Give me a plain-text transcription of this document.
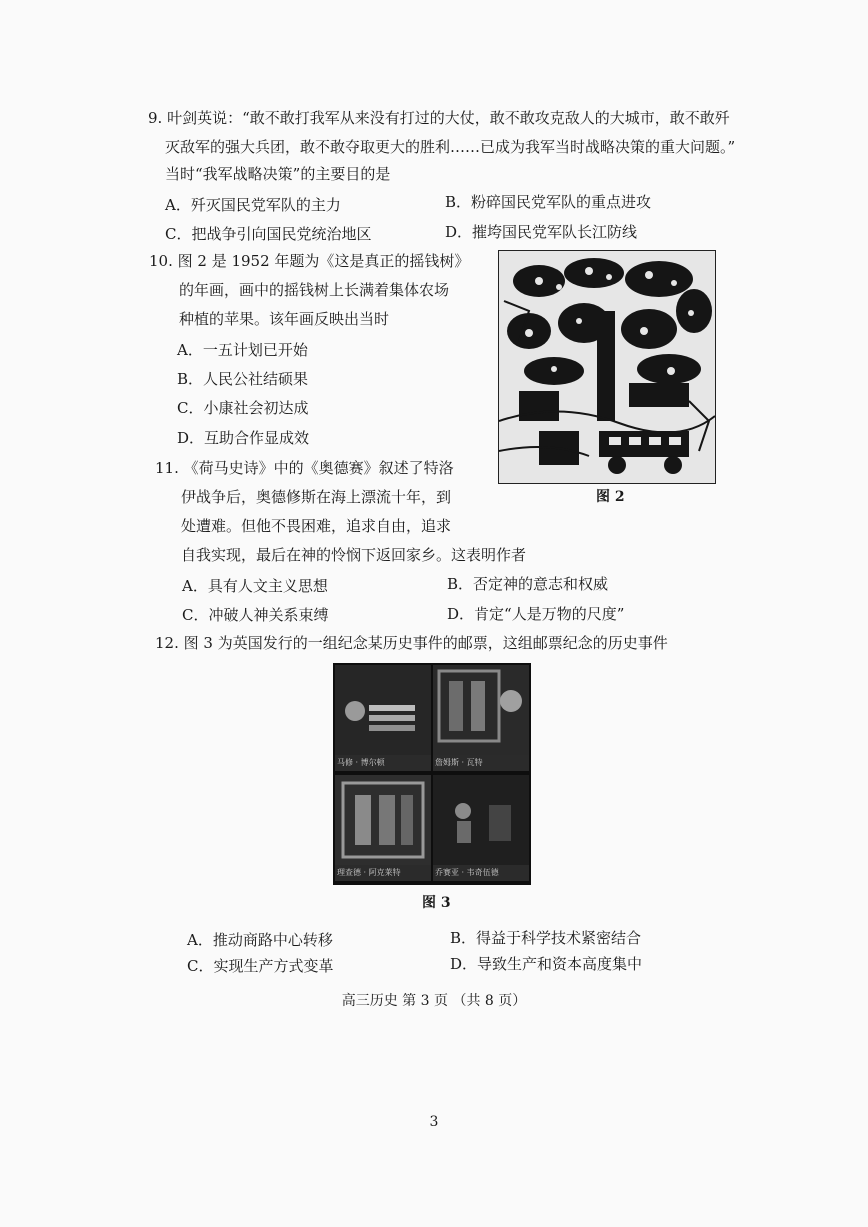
9. 叶剑英说：“敢不敢打我军从来没有打过的大仗，敢不敢攻克敌人的大城市，敢不敢歼
灭敌军的强大兵团，敢不敢夺取更大的胜利……已成为我军当时战略决策的重大问题。”
当时“我军战略决策”的主要目的是
A．歼灭国民党军队的主力	B．粉碎国民党军队的重点进攻
C．把战争引向国民党统治地区	D．摧垮国民党军队长江防线
10. 图 2 是 1952 年题为《这是真正的摇钱树》
的年画，画中的摇钱树上长满着集体农场
种植的苹果。该年画反映出当时
A．一五计划已开始
B．人民公社结硕果
C．小康社会初达成
D．互助合作显成效
图 2
11. 《荷马史诗》中的《奥德赛》叙述了特洛
伊战争后，奥德修斯在海上漂流十年，到
处遭难。但他不畏困难，追求自由，追求
自我实现，最后在神的怜悯下返回家乡。这表明作者
A．具有人文主义思想	B．否定神的意志和权威
C．冲破人神关系束缚	D．肯定“人是万物的尺度”
12. 图 3 为英国发行的一组纪念某历史事件的邮票，这组邮票纪念的历史事件
马修 · 博尔顿	詹姆斯 · 瓦特
理查德 · 阿克莱特	乔赛亚 · 韦奇伍德
图 3
A．推动商路中心转移	B．得益于科学技术紧密结合
C．实现生产方式变革	D．导致生产和资本高度集中
高三历史 第 3 页 （共 8 页）
3
